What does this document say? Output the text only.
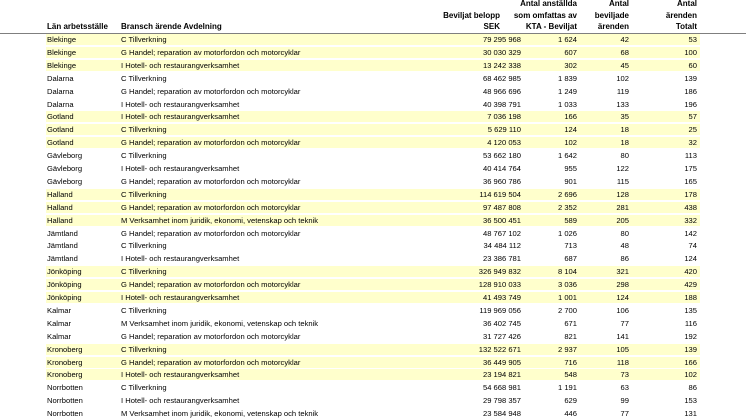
Län arbetsställe Bransch ärende Avdelning
Beviljat belopp
SEK
Antal anställda
som omfattas av
KTA - Beviljat
Antal
beviljade
ärenden
Antal
ärenden
Totalt
Blekinge	C Tillverkning	79 295 968	1 624	42	53
Blekinge	G Handel; reparation av motorfordon och motorcyklar	30 030 329	607	68	100
Blekinge	I Hotell- och restaurangverksamhet	13 242 338	302	45	60
Dalarna	C Tillverkning	68 462 985	1 839	102	139
Dalarna	G Handel; reparation av motorfordon och motorcyklar	48 966 696	1 249	119	186
Dalarna	I Hotell- och restaurangverksamhet	40 398 791	1 033	133	196
Gotland	I Hotell- och restaurangverksamhet	7 036 198	166	35	57
Gotland	C Tillverkning	5 629 110	124	18	25
Gotland	G Handel; reparation av motorfordon och motorcyklar	4 120 053	102	18	32
Gävleborg	C Tillverkning	53 662 180	1 642	80	113
Gävleborg	I Hotell- och restaurangverksamhet	40 414 764	955	122	175
Gävleborg	G Handel; reparation av motorfordon och motorcyklar	36 960 786	901	115	165
Halland	C Tillverkning	114 619 504	2 696	128	178
Halland	G Handel; reparation av motorfordon och motorcyklar	97 487 808	2 352	281	438
Halland	M Verksamhet inom juridik, ekonomi, vetenskap och teknik	36 500 451	589	205	332
Jämtland	G Handel; reparation av motorfordon och motorcyklar	48 767 102	1 026	80	142
Jämtland	C Tillverkning	34 484 112	713	48	74
Jämtland	I Hotell- och restaurangverksamhet	23 386 781	687	86	124
Jönköping	C Tillverkning	326 949 832	8 104	321	420
Jönköping	G Handel; reparation av motorfordon och motorcyklar	128 910 033	3 036	298	429
Jönköping	I Hotell- och restaurangverksamhet	41 493 749	1 001	124	188
Kalmar	C Tillverkning	119 969 056	2 700	106	135
Kalmar	M Verksamhet inom juridik, ekonomi, vetenskap och teknik	36 402 745	671	77	116
Kalmar	G Handel; reparation av motorfordon och motorcyklar	31 727 426	821	141	192
Kronoberg	C Tillverkning	132 522 671	2 937	105	139
Kronoberg	G Handel; reparation av motorfordon och motorcyklar	36 449 905	716	118	166
Kronoberg	I Hotell- och restaurangverksamhet	23 194 821	548	73	102
Norrbotten	C Tillverkning	54 668 981	1 191	63	86
Norrbotten	I Hotell- och restaurangverksamhet	29 798 357	629	99	153
Norrbotten	M Verksamhet inom juridik, ekonomi, vetenskap och teknik	23 584 948	446	77	131
